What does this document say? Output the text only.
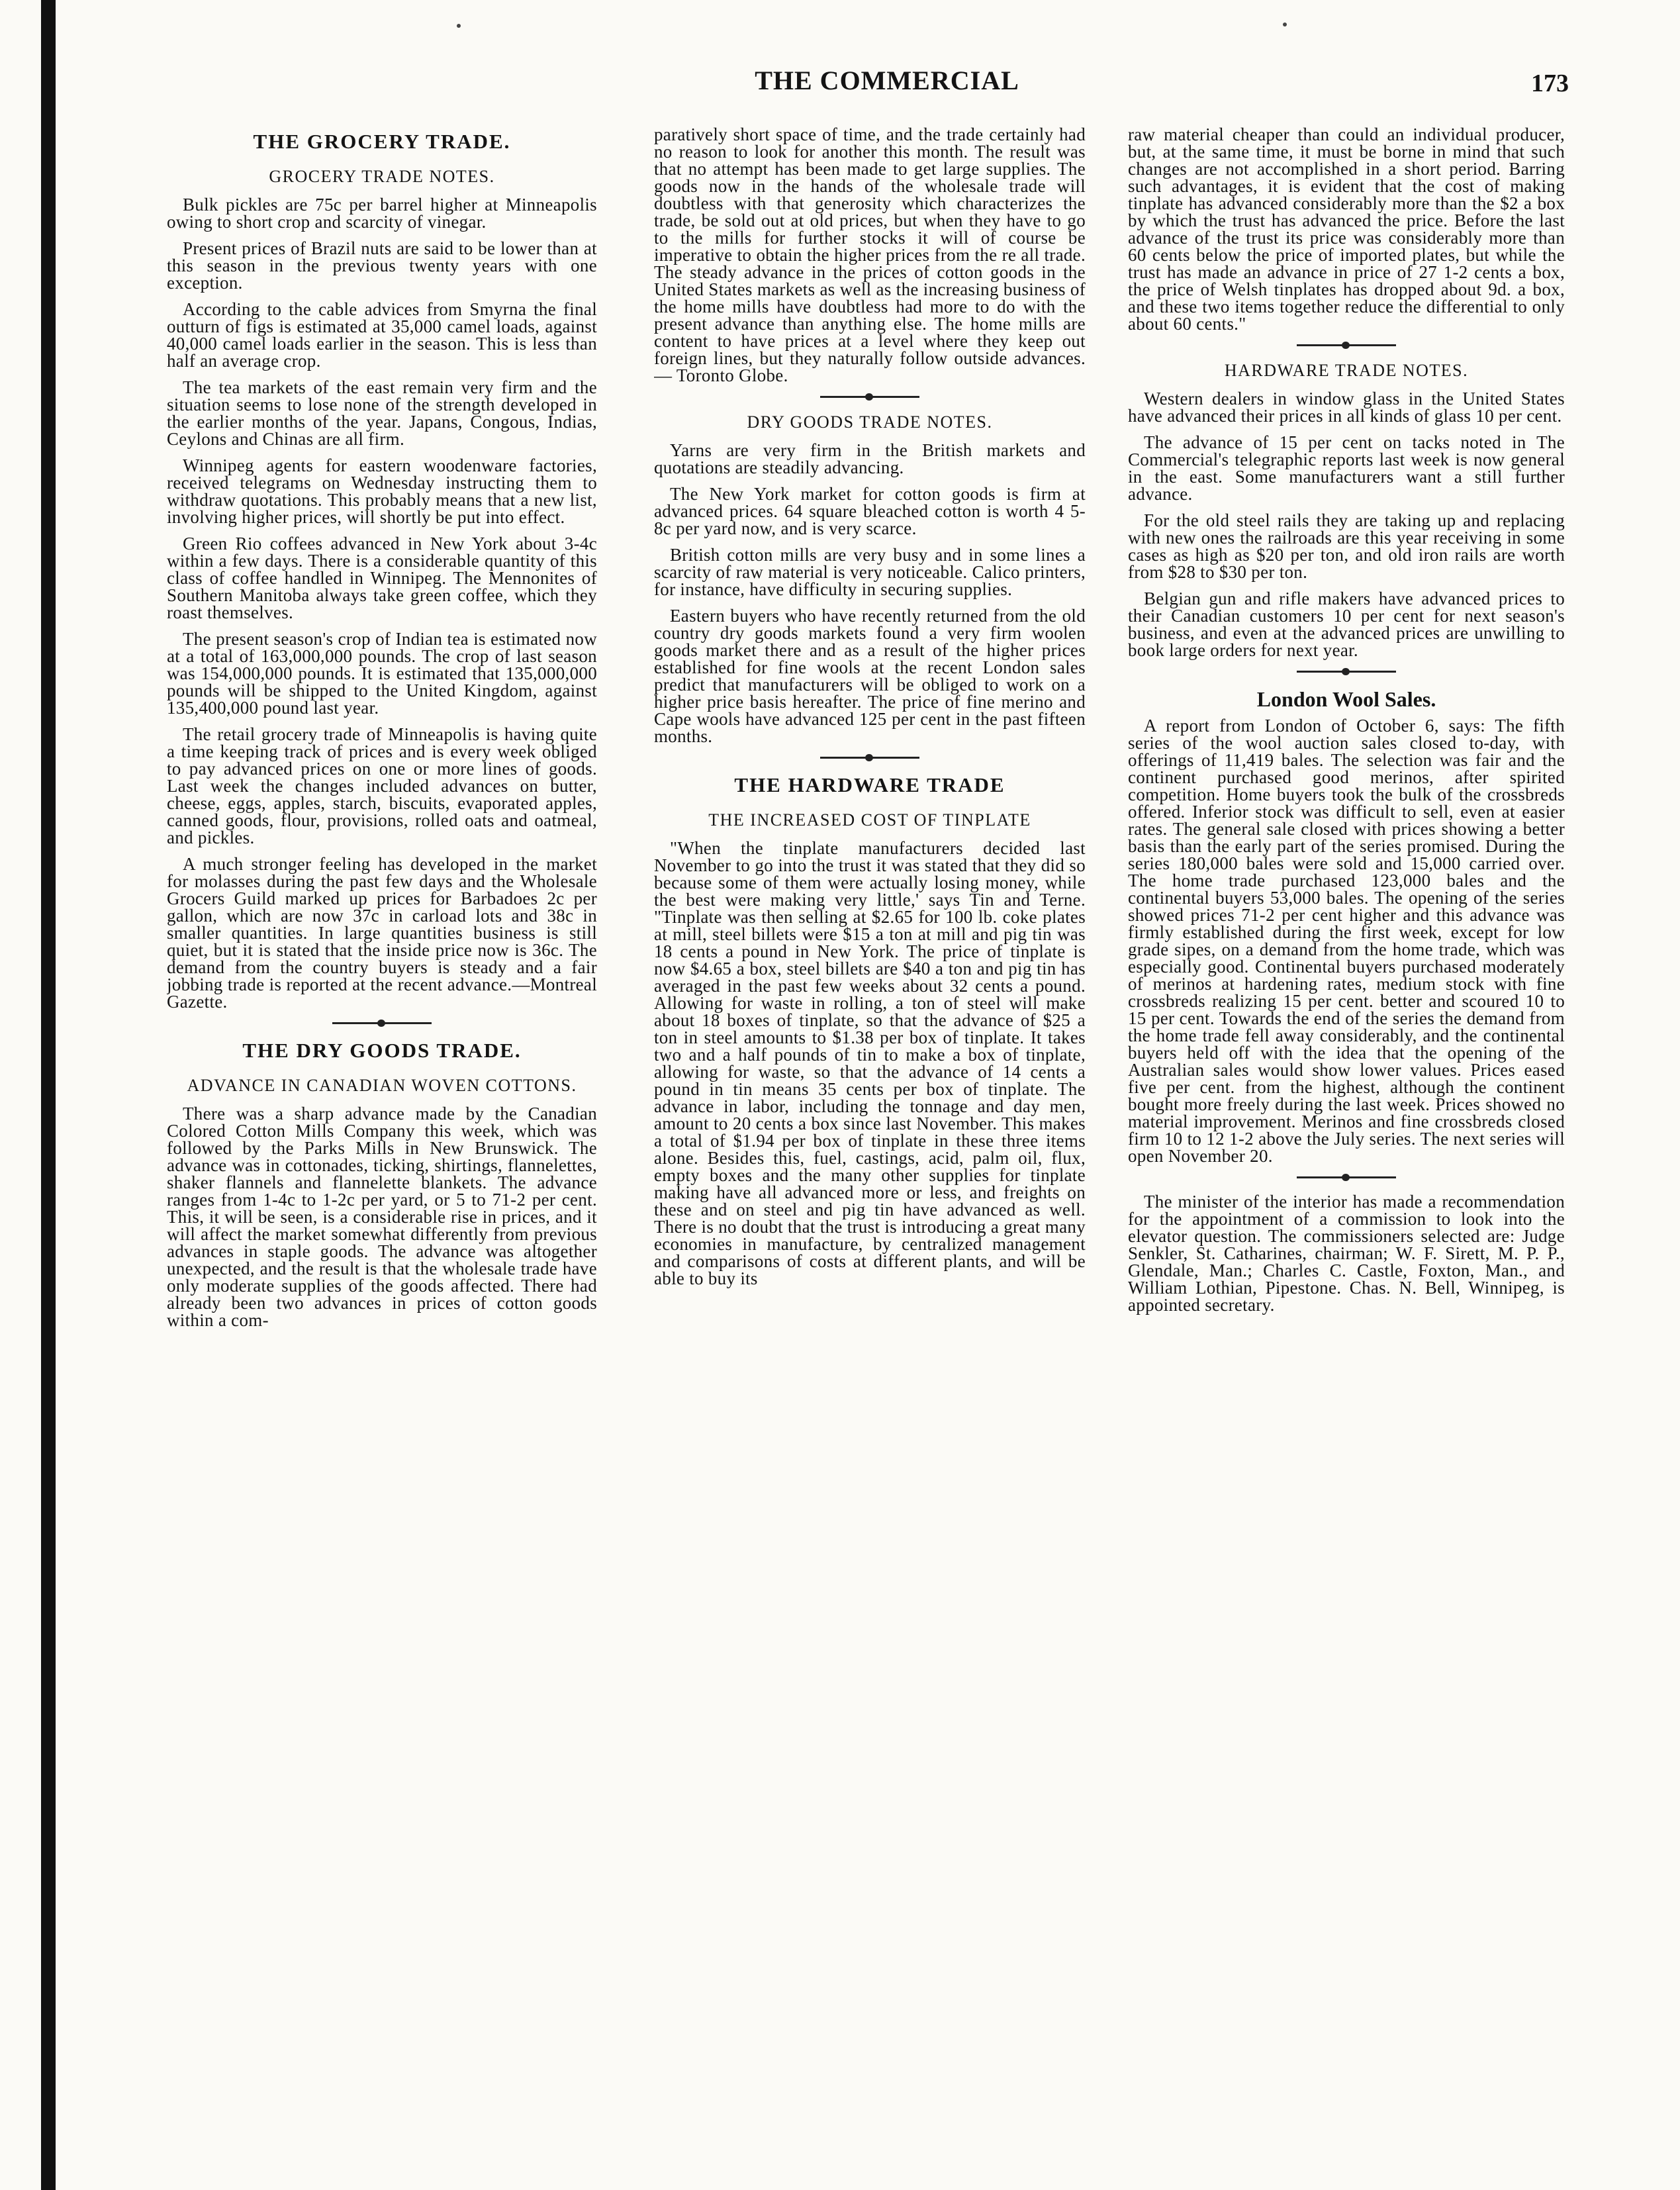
THE COMMERCIAL	173
THE GROCERY TRADE.
GROCERY TRADE NOTES.

Bulk pickles are 75c per barrel higher at Minneapolis owing to short crop and scarcity of vinegar.

Present prices of Brazil nuts are said to be lower than at this season in the previous twenty years with one exception.

According to the cable advices from Smyrna the final outturn of figs is estimated at 35,000 camel loads, against 40,000 camel loads earlier in the season. This is less than half an average crop.

The tea markets of the east remain very firm and the situation seems to lose none of the strength developed in the earlier months of the year. Japans, Congous, Indias, Ceylons and Chinas are all firm.

Winnipeg agents for eastern woodenware factories, received telegrams on Wednesday instructing them to withdraw quotations. This probably means that a new list, involving higher prices, will shortly be put into effect.

Green Rio coffees advanced in New York about 3-4c within a few days. There is a considerable quantity of this class of coffee handled in Winnipeg. The Mennonites of Southern Manitoba always take green coffee, which they roast themselves.

The present season's crop of Indian tea is estimated now at a total of 163,000,000 pounds. The crop of last season was 154,000,000 pounds. It is estimated that 135,000,000 pounds will be shipped to the United Kingdom, against 135,400,000 pound last year.

The retail grocery trade of Minneapolis is having quite a time keeping track of prices and is every week obliged to pay advanced prices on one or more lines of goods. Last week the changes included advances on butter, cheese, eggs, apples, starch, biscuits, evaporated apples, canned goods, flour, provisions, rolled oats and oatmeal, and pickles.

A much stronger feeling has developed in the market for molasses during the past few days and the Wholesale Grocers Guild marked up prices for Barbadoes 2c per gallon, which are now 37c in carload lots and 38c in smaller quantities. In large quantities business is still quiet, but it is stated that the inside price now is 36c. The demand from the country buyers is steady and a fair jobbing trade is reported at the recent advance.—Montreal Gazette.

THE DRY GOODS TRADE.
ADVANCE IN CANADIAN WOVEN COTTONS.

There was a sharp advance made by the Canadian Colored Cotton Mills Company this week, which was followed by the Parks Mills in New Brunswick. The advance was in cottonades, ticking, shirtings, flannelettes, shaker flannels and flannelette blankets. The advance ranges from 1-4c to 1-2c per yard, or 5 to 71-2 per cent. This, it will be seen, is a considerable rise in prices, and it will affect the market somewhat differently from previous advances in staple goods. The advance was altogether unexpected, and the result is that the wholesale trade have only moderate supplies of the goods affected. There had already been two advances in prices of cotton goods within a com-

paratively short space of time, and the trade certainly had no reason to look for another this month. The result was that no attempt has been made to get large supplies. The goods now in the hands of the wholesale trade will doubtless with that generosity which characterizes the trade, be sold out at old prices, but when they have to go to the mills for further stocks it will of course be imperative to obtain the higher prices from the re all trade. The steady advance in the prices of cotton goods in the United States markets as well as the increasing business of the home mills have doubtless had more to do with the present advance than anything else. The home mills are content to have prices at a level where they keep out foreign lines, but they naturally follow outside advances. — Toronto Globe.

DRY GOODS TRADE NOTES.

Yarns are very firm in the British markets and quotations are steadily advancing.

The New York market for cotton goods is firm at advanced prices. 64 square bleached cotton is worth 4 5-8c per yard now, and is very scarce.

British cotton mills are very busy and in some lines a scarcity of raw material is very noticeable. Calico printers, for instance, have difficulty in securing supplies.

Eastern buyers who have recently returned from the old country dry goods markets found a very firm woolen goods market there and as a result of the higher prices established for fine wools at the recent London sales predict that manufacturers will be obliged to work on a higher price basis hereafter. The price of fine merino and Cape wools have advanced 125 per cent in the past fifteen months.

THE HARDWARE TRADE
THE INCREASED COST OF TINPLATE

"When the tinplate manufacturers decided last November to go into the trust it was stated that they did so because some of them were actually losing money, while the best were making very little,' says Tin and Terne. "Tinplate was then selling at $2.65 for 100 lb. coke plates at mill, steel billets were $15 a ton at mill and pig tin was 18 cents a pound in New York. The price of tinplate is now $4.65 a box, steel billets are $40 a ton and pig tin has averaged in the past few weeks about 32 cents a pound. Allowing for waste in rolling, a ton of steel will make about 18 boxes of tinplate, so that the advance of $25 a ton in steel amounts to $1.38 per box of tinplate. It takes two and a half pounds of tin to make a box of tinplate, allowing for waste, so that the advance of 14 cents a pound in tin means 35 cents per box of tinplate. The advance in labor, including the tonnage and day men, amount to 20 cents a box since last November. This makes a total of $1.94 per box of tinplate in these three items alone. Besides this, fuel, castings, acid, palm oil, flux, empty boxes and the many other supplies for tinplate making have all advanced more or less, and freights on these and on steel and pig tin have advanced as well. There is no doubt that the trust is introducing a great many economies in manufacture, by centralized management and comparisons of costs at different plants, and will be able to buy its

raw material cheaper than could an individual producer, but, at the same time, it must be borne in mind that such changes are not accomplished in a short period. Barring such advantages, it is evident that the cost of making tinplate has advanced considerably more than the $2 a box by which the trust has advanced the price. Before the last advance of the trust its price was considerably more than 60 cents below the price of imported plates, but while the trust has made an advance in price of 27 1-2 cents a box, the price of Welsh tinplates has dropped about 9d. a box, and these two items together reduce the differential to only about 60 cents."

HARDWARE TRADE NOTES.

Western dealers in window glass in the United States have advanced their prices in all kinds of glass 10 per cent.

The advance of 15 per cent on tacks noted in The Commercial's telegraphic reports last week is now general in the east. Some manufacturers want a still further advance.

For the old steel rails they are taking up and replacing with new ones the railroads are this year receiving in some cases as high as $20 per ton, and old iron rails are worth from $28 to $30 per ton.

Belgian gun and rifle makers have advanced prices to their Canadian customers 10 per cent for next season's business, and even at the advanced prices are unwilling to book large orders for next year.

London Wool Sales.

A report from London of October 6, says: The fifth series of the wool auction sales closed to-day, with offerings of 11,419 bales. The selection was fair and the continent purchased good merinos, after spirited competition. Home buyers took the bulk of the crossbreds offered. Inferior stock was difficult to sell, even at easier rates. The general sale closed with prices showing a better basis than the early part of the series promised. During the series 180,000 bales were sold and 15,000 carried over. The home trade purchased 123,000 bales and the continental buyers 53,000 bales. The opening of the series showed prices 71-2 per cent higher and this advance was firmly established during the first week, except for low grade sipes, on a demand from the home trade, which was especially good. Continental buyers purchased moderately of merinos at hardening rates, medium stock with fine crossbreds realizing 15 per cent. better and scoured 10 to 15 per cent. Towards the end of the series the demand from the home trade fell away considerably, and the continental buyers held off with the idea that the opening of the Australian sales would show lower values. Prices eased five per cent. from the highest, although the continent bought more freely during the last week. Prices showed no material improvement. Merinos and fine crossbreds closed firm 10 to 12 1-2 above the July series. The next series will open November 20.

The minister of the interior has made a recommendation for the appointment of a commission to look into the elevator question. The commissioners selected are: Judge Senkler, St. Catharines, chairman; W. F. Sirett, M. P. P., Glendale, Man.; Charles C. Castle, Foxton, Man., and William Lothian, Pipestone. Chas. N. Bell, Winnipeg, is appointed secretary.
